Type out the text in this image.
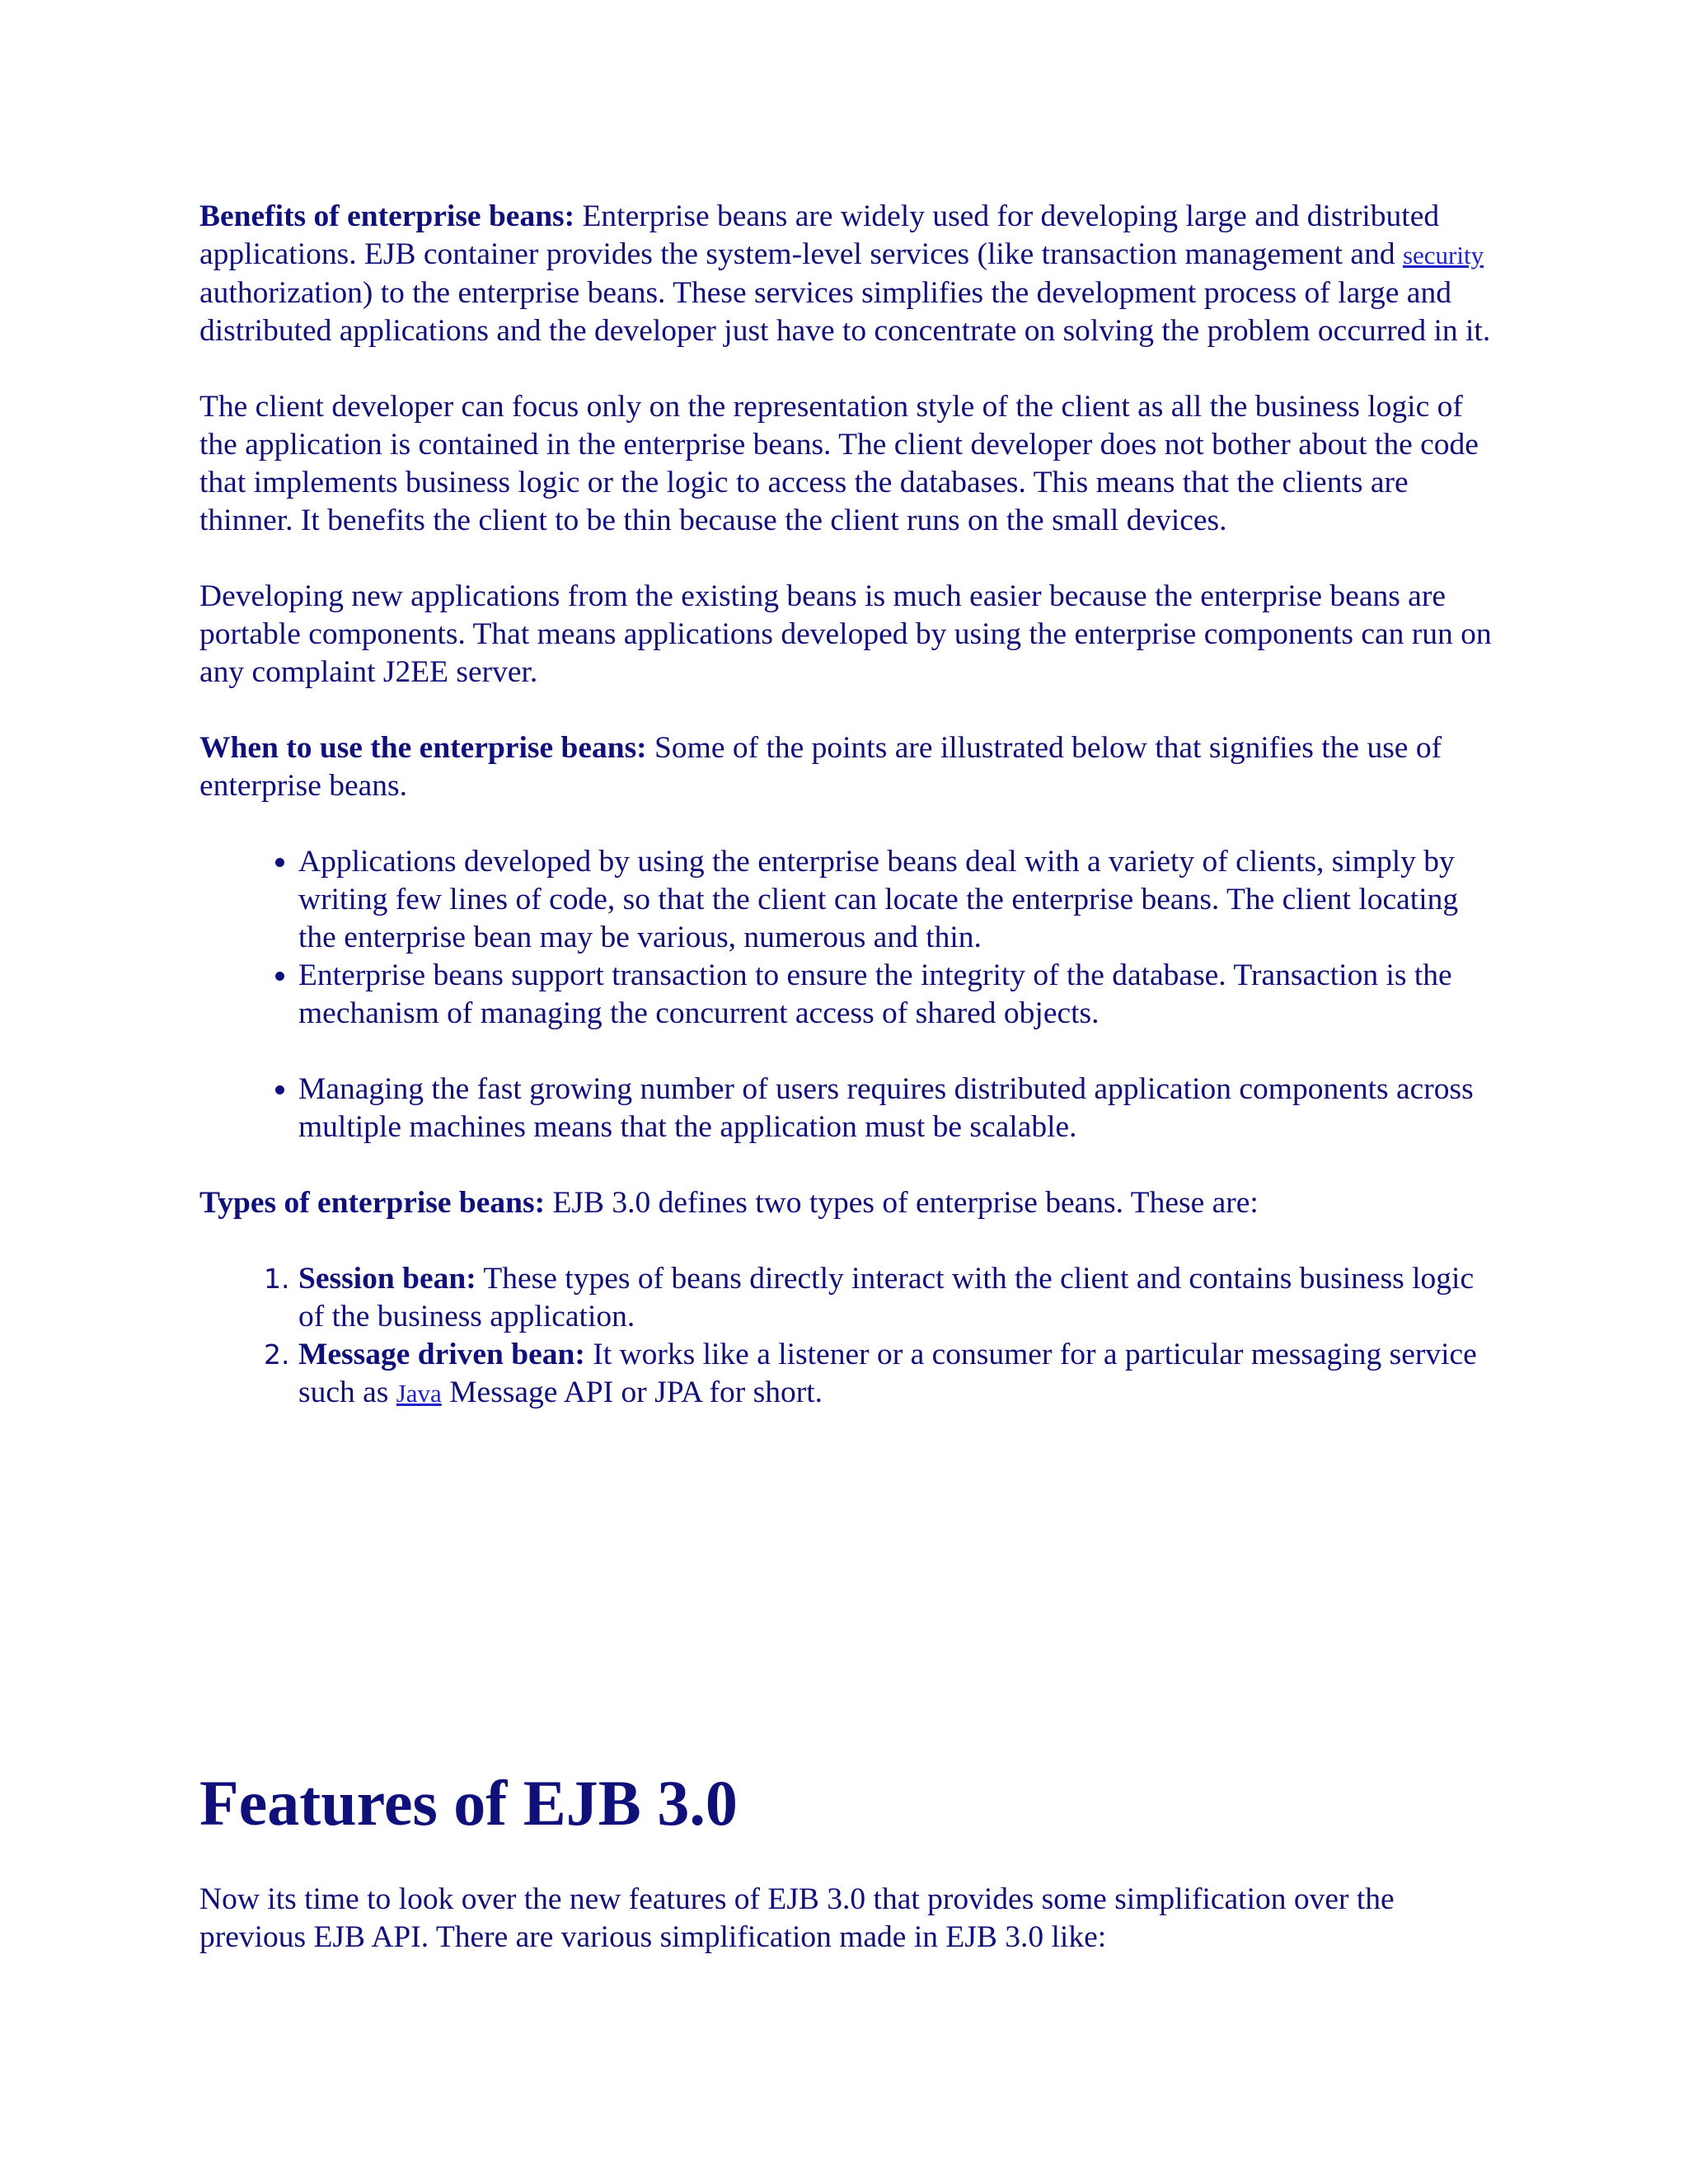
Benefits of enterprise beans: Enterprise beans are widely used for developing large and distributed applications. EJB container provides the system-level services (like transaction management and security authorization) to the enterprise beans. These services simplifies the development process of large and distributed applications and the developer just have to concentrate on solving the problem occurred in it.

The client developer can focus only on the representation style of the client as all the business logic of the application is contained in the enterprise beans. The client developer does not bother about the code that implements business logic or the logic to access the databases. This means that the clients are thinner. It benefits the client to be thin because the client runs on the small devices.

Developing new applications from the existing beans is much easier because the enterprise beans are portable components. That means applications developed by using the enterprise components can run on any complaint J2EE server.

When to use the enterprise beans: Some of the points are illustrated below that signifies the use of enterprise beans.

• Applications developed by using the enterprise beans deal with a variety of clients, simply by writing few lines of code, so that the client can locate the enterprise beans. The client locating the enterprise bean may be various, numerous and thin.
• Enterprise beans support transaction to ensure the integrity of the database. Transaction is the mechanism of managing the concurrent access of shared objects.
• Managing the fast growing number of users requires distributed application components across multiple machines means that the application must be scalable.

Types of enterprise beans: EJB 3.0 defines two types of enterprise beans. These are:

1. Session bean: These types of beans directly interact with the client and contains business logic of the business application.
2. Message driven bean: It works like a listener or a consumer for a particular messaging service such as Java Message API or JPA for short.
Features of EJB 3.0

Now its time to look over the new features of EJB 3.0 that provides some simplification over the previous EJB API. There are various simplification made in EJB 3.0 like:
